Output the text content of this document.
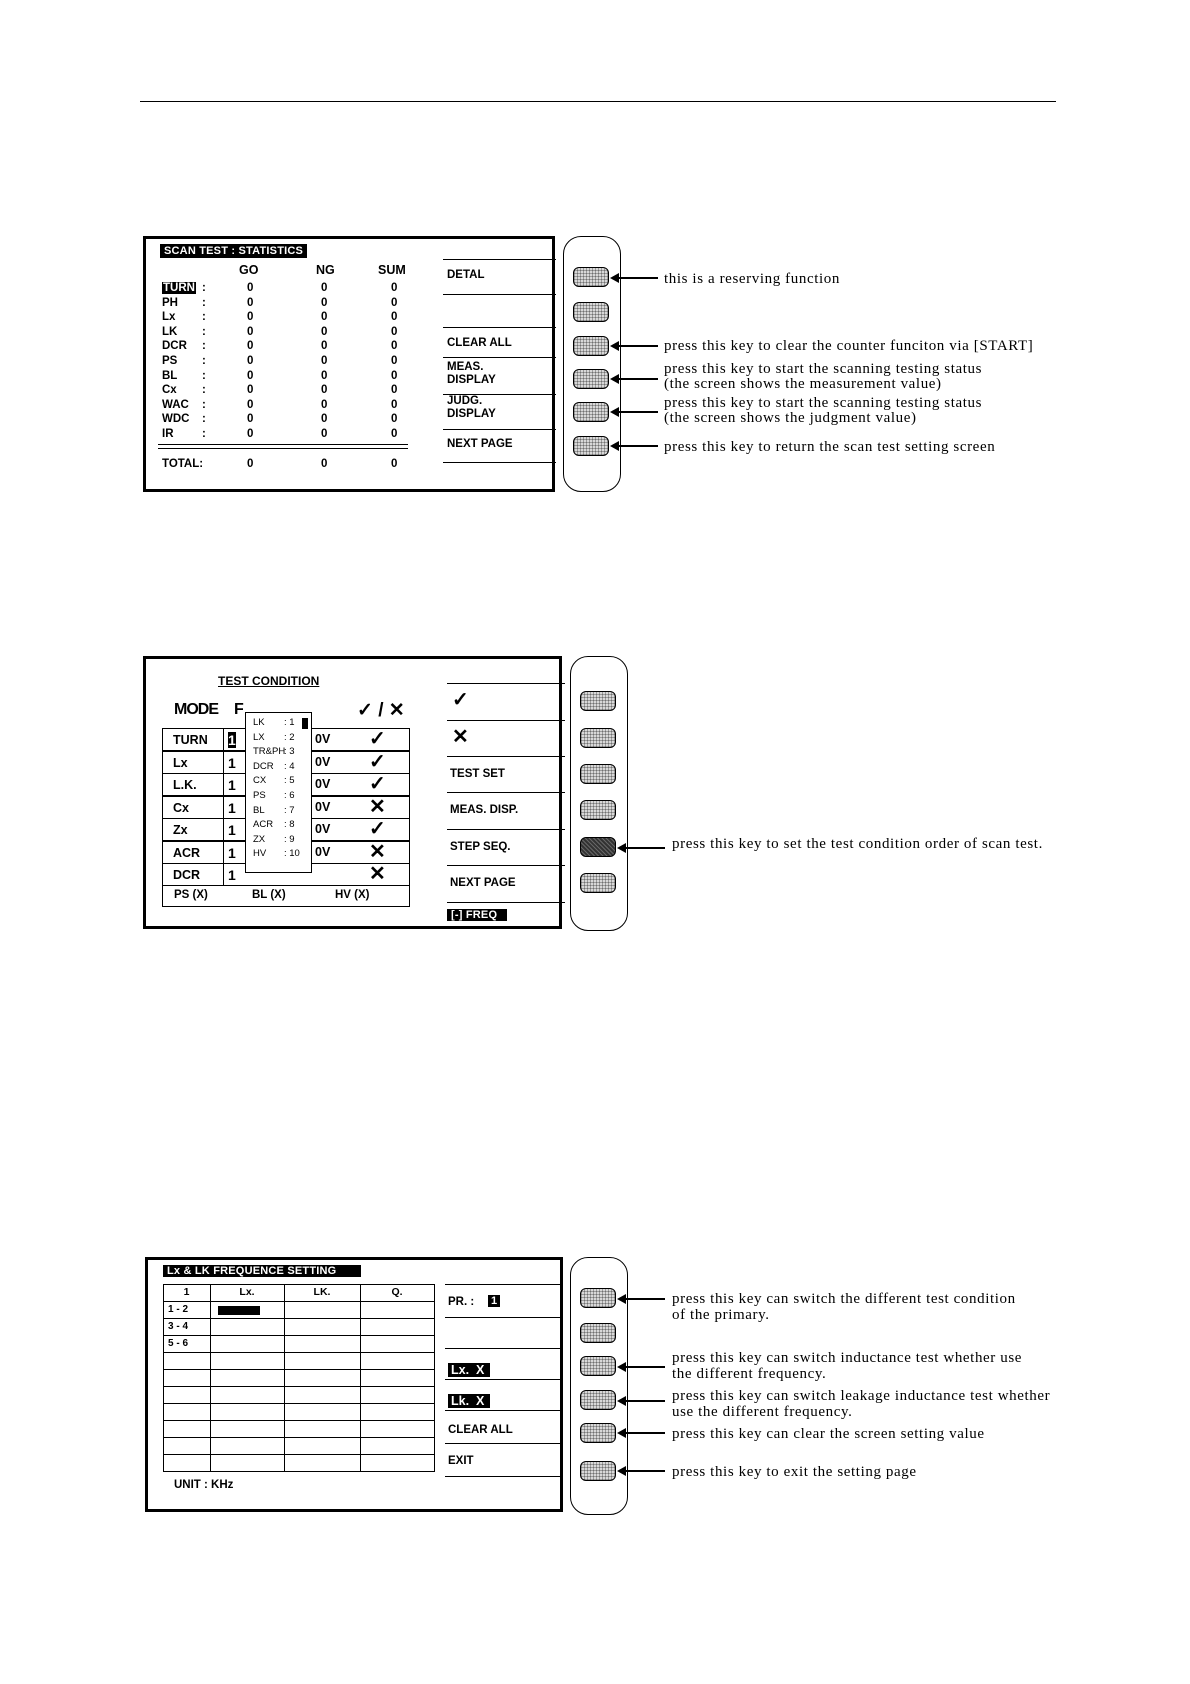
SCAN TEST : STATISTICS
GO	NG	SUM
TURN :	0	0	0
PH :	0	0	0
Lx :	0	0	0
LK :	0	0	0
DCR :	0	0	0
PS :	0	0	0
BL :	0	0	0
Cx :	0	0	0
WAC :	0	0	0
WDC :	0	0	0
IR :	0	0	0
TOTAL:	0	0	0
DETAL
CLEAR ALL
MEAS.
DISPLAY
JUDG.
DISPLAY
NEXT PAGE
this is a reserving function
press this key to clear the counter funciton via [START]
press this key to start the scanning testing status
(the screen shows the measurement value)
press this key to start the scanning testing status
(the screen shows the judgment value)
press this key to return the scan test setting screen
TEST CONDITION
MODE F	✓ / ✕
TURN 1	0V ✓
Lx	1	0V ✓
L.K. 1	0V ✓
Cx	1	0V ✕
Zx	1	0V ✓
ACR 1	0V ✕
DCR 1	✕
PS (X)	BL (X)	HV (X)
LK : 1
LX : 2
TR&PH
: 3
DCR : 4
CX : 5
PS : 6
BL : 7
ACR : 8
ZX : 9
HV : 10
✓
✕
TEST SET
MEAS. DISP.
STEP SEQ.
NEXT PAGE
[-] FREQ
press this key to set the test condition order of scan test.
Lx & LK FREQUENCE SETTING
1	Lx.	LK.	Q.
1 - 2
3 - 4
5 - 6
UNIT : KHz
PR. : 1
Lx.  X
Lk.  X
CLEAR ALL
EXIT
press this key can switch the different test condition
of the primary.
press this key can switch inductance test whether use
the different frequency.
press this key can switch leakage inductance test whether
use the different frequency.
press this key can clear the screen setting value
press this key to exit the setting page
